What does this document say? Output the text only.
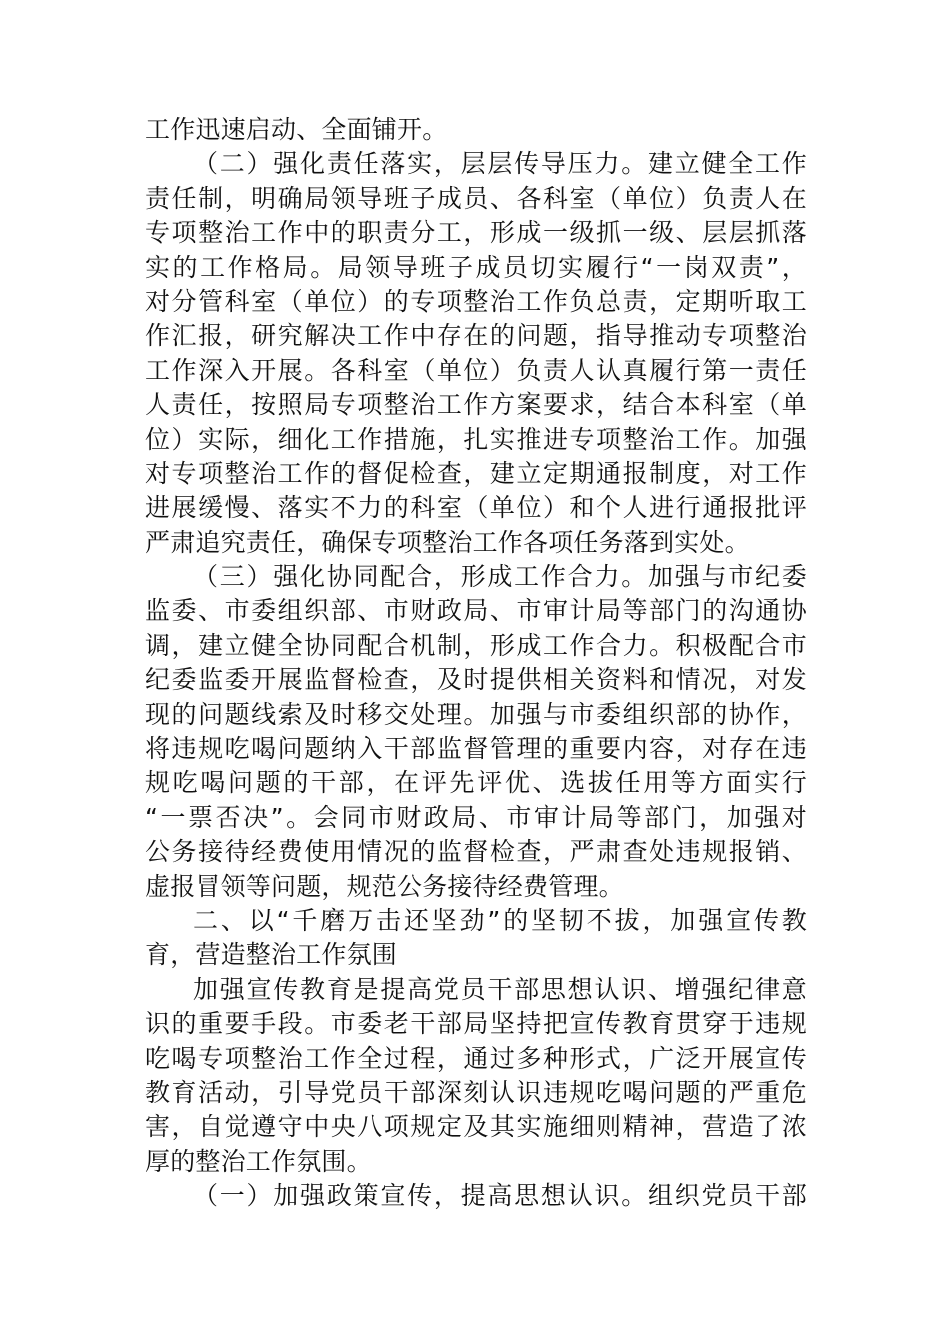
工作迅速启动、全面铺开。
（二）强化责任落实，层层传导压力。建立健全工作
责任制，明确局领导班子成员、各科室（单位）负责人在
专项整治工作中的职责分工，形成一级抓一级、层层抓落
实的工作格局。局领导班子成员切实履行“一岗双责”，
对分管科室（单位）的专项整治工作负总责，定期听取工
作汇报，研究解决工作中存在的问题，指导推动专项整治
工作深入开展。各科室（单位）负责人认真履行第一责任
人责任，按照局专项整治工作方案要求，结合本科室（单
位）实际，细化工作措施，扎实推进专项整治工作。加强
对专项整治工作的督促检查，建立定期通报制度，对工作
进展缓慢、落实不力的科室（单位）和个人进行通报批评
严肃追究责任，确保专项整治工作各项任务落到实处。
（三）强化协同配合，形成工作合力。加强与市纪委
监委、市委组织部、市财政局、市审计局等部门的沟通协
调，建立健全协同配合机制，形成工作合力。积极配合市
纪委监委开展监督检查，及时提供相关资料和情况，对发
现的问题线索及时移交处理。加强与市委组织部的协作，
将违规吃喝问题纳入干部监督管理的重要内容，对存在违
规吃喝问题的干部，在评先评优、选拔任用等方面实行
“一票否决”。会同市财政局、市审计局等部门，加强对
公务接待经费使用情况的监督检查，严肃查处违规报销、
虚报冒领等问题，规范公务接待经费管理。
二、以“千磨万击还坚劲”的坚韧不拔，加强宣传教
育，营造整治工作氛围
加强宣传教育是提高党员干部思想认识、增强纪律意
识的重要手段。市委老干部局坚持把宣传教育贯穿于违规
吃喝专项整治工作全过程，通过多种形式，广泛开展宣传
教育活动，引导党员干部深刻认识违规吃喝问题的严重危
害，自觉遵守中央八项规定及其实施细则精神，营造了浓
厚的整治工作氛围。
（一）加强政策宣传，提高思想认识。组织党员干部
